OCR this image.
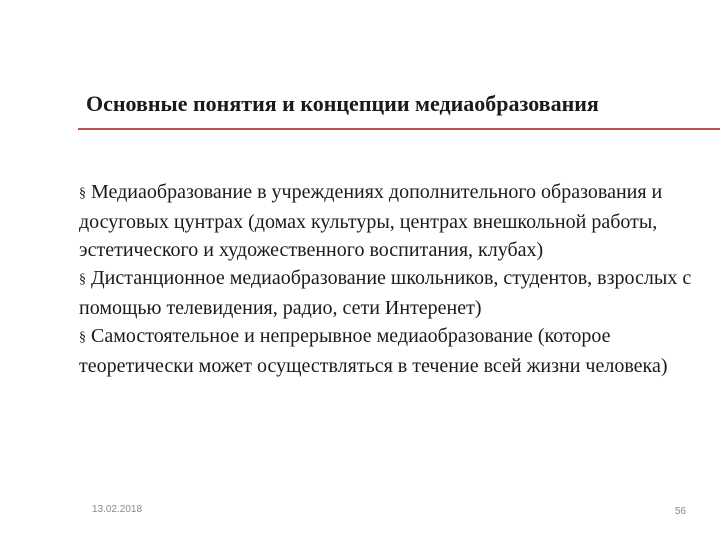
Основные понятия и концепции медиаобразования

§ Медиаобразование в учреждениях дополнительного образования и досуговых цунтрах (домах культуры, центрах внешкольной работы, эстетического и художественного воспитания, клубах)

§ Дистанционное медиаобразование школьников, студентов, взрослых с помощью телевидения, радио, сети Интеренет)

§ Самостоятельное и непрерывное медиаобразование (которое теоретически может осуществляться в течение всей жизни человека)

13.02.2018	56
